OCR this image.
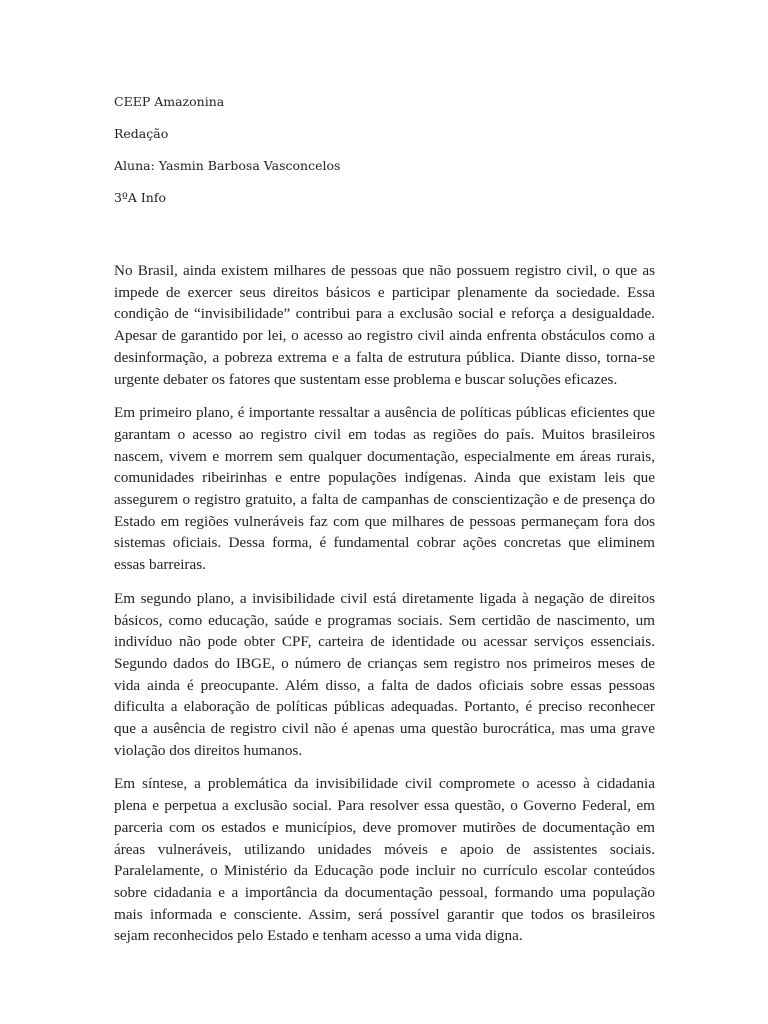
CEEP Amazonina

Redação

Aluna: Yasmin Barbosa Vasconcelos

3ºA Info

No Brasil, ainda existem milhares de pessoas que não possuem registro civil, o que as impede de exercer seus direitos básicos e participar plenamente da sociedade. Essa condição de “invisibilidade” contribui para a exclusão social e reforça a desigualdade. Apesar de garantido por lei, o acesso ao registro civil ainda enfrenta obstáculos como a desinformação, a pobreza extrema e a falta de estrutura pública. Diante disso, torna-se urgente debater os fatores que sustentam esse problema e buscar soluções eficazes.

Em primeiro plano, é importante ressaltar a ausência de políticas públicas eficientes que garantam o acesso ao registro civil em todas as regiões do país. Muitos brasileiros nascem, vivem e morrem sem qualquer documentação, especialmente em áreas rurais, comunidades ribeirinhas e entre populações indígenas. Ainda que existam leis que assegurem o registro gratuito, a falta de campanhas de conscientização e de presença do Estado em regiões vulneráveis faz com que milhares de pessoas permaneçam fora dos sistemas oficiais. Dessa forma, é fundamental cobrar ações concretas que eliminem essas barreiras.

Em segundo plano, a invisibilidade civil está diretamente ligada à negação de direitos básicos, como educação, saúde e programas sociais. Sem certidão de nascimento, um indivíduo não pode obter CPF, carteira de identidade ou acessar serviços essenciais. Segundo dados do IBGE, o número de crianças sem registro nos primeiros meses de vida ainda é preocupante. Além disso, a falta de dados oficiais sobre essas pessoas dificulta a elaboração de políticas públicas adequadas. Portanto, é preciso reconhecer que a ausência de registro civil não é apenas uma questão burocrática, mas uma grave violação dos direitos humanos.

Em síntese, a problemática da invisibilidade civil compromete o acesso à cidadania plena e perpetua a exclusão social. Para resolver essa questão, o Governo Federal, em parceria com os estados e municípios, deve promover mutirões de documentação em áreas vulneráveis, utilizando unidades móveis e apoio de assistentes sociais. Paralelamente, o Ministério da Educação pode incluir no currículo escolar conteúdos sobre cidadania e a importância da documentação pessoal, formando uma população mais informada e consciente. Assim, será possível garantir que todos os brasileiros sejam reconhecidos pelo Estado e tenham acesso a uma vida digna.
